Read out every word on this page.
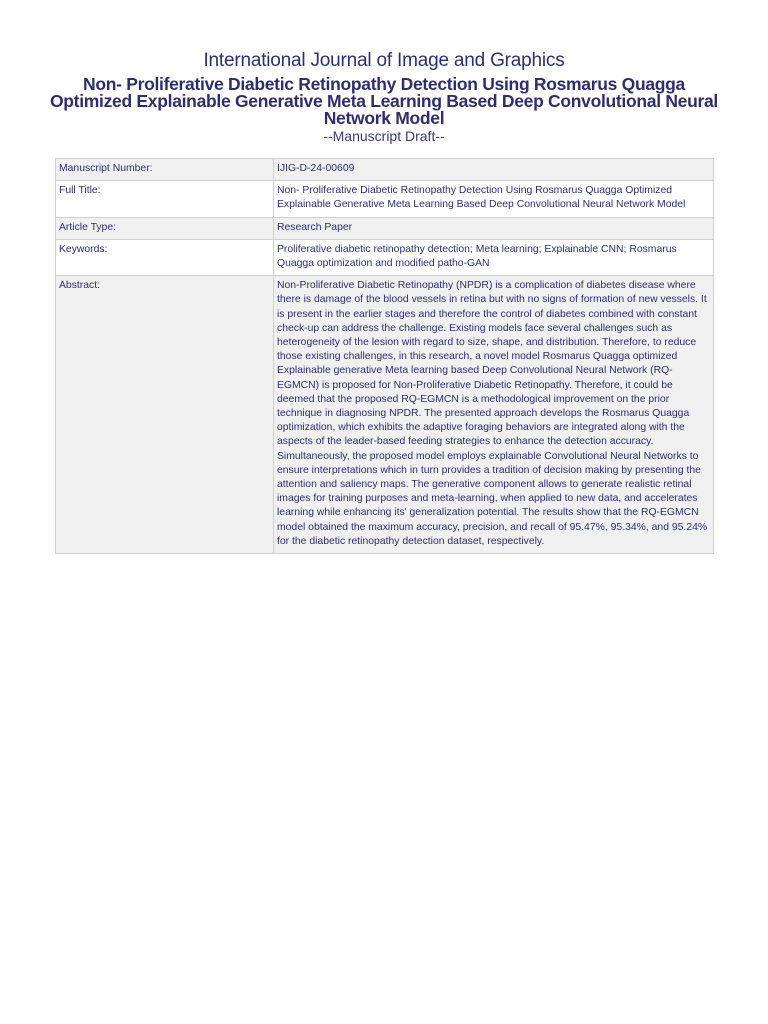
International Journal of Image and Graphics
Non- Proliferative Diabetic Retinopathy Detection Using Rosmarus Quagga Optimized Explainable Generative Meta Learning Based Deep Convolutional Neural Network Model
--Manuscript Draft--
Manuscript Number:	IJIG-D-24-00609
Full Title:	Non- Proliferative Diabetic Retinopathy Detection Using Rosmarus Quagga Optimized Explainable Generative Meta Learning Based Deep Convolutional Neural Network Model
Article Type:	Research Paper
Keywords:	Proliferative diabetic retinopathy detection; Meta learning; Explainable CNN; Rosmarus Quagga optimization and modified patho-GAN
Abstract:	Non-Proliferative Diabetic Retinopathy (NPDR) is a complication of diabetes disease where there is damage of the blood vessels in retina but with no signs of formation of new vessels. It is present in the earlier stages and therefore the control of diabetes combined with constant check-up can address the challenge. Existing models face several challenges such as heterogeneity of the lesion with regard to size, shape, and distribution. Therefore, to reduce those existing challenges, in this research, a novel model Rosmarus Quagga optimized Explainable generative Meta learning based Deep Convolutional Neural Network (RQ-EGMCN) is proposed for Non-Proliferative Diabetic Retinopathy. Therefore, it could be deemed that the proposed RQ-EGMCN is a methodological improvement on the prior technique in diagnosing NPDR. The presented approach develops the Rosmarus Quagga optimization, which exhibits the adaptive foraging behaviors are integrated along with the aspects of the leader-based feeding strategies to enhance the detection accuracy. Simultaneously, the proposed model employs explainable Convolutional Neural Networks to ensure interpretations which in turn provides a tradition of decision making by presenting the attention and saliency maps. The generative component allows to generate realistic retinal images for training purposes and meta-learning, when applied to new data, and accelerates learning while enhancing its' generalization potential. The results show that the RQ-EGMCN model obtained the maximum accuracy, precision, and recall of 95.47%, 95.34%, and 95.24% for the diabetic retinopathy detection dataset, respectively.
